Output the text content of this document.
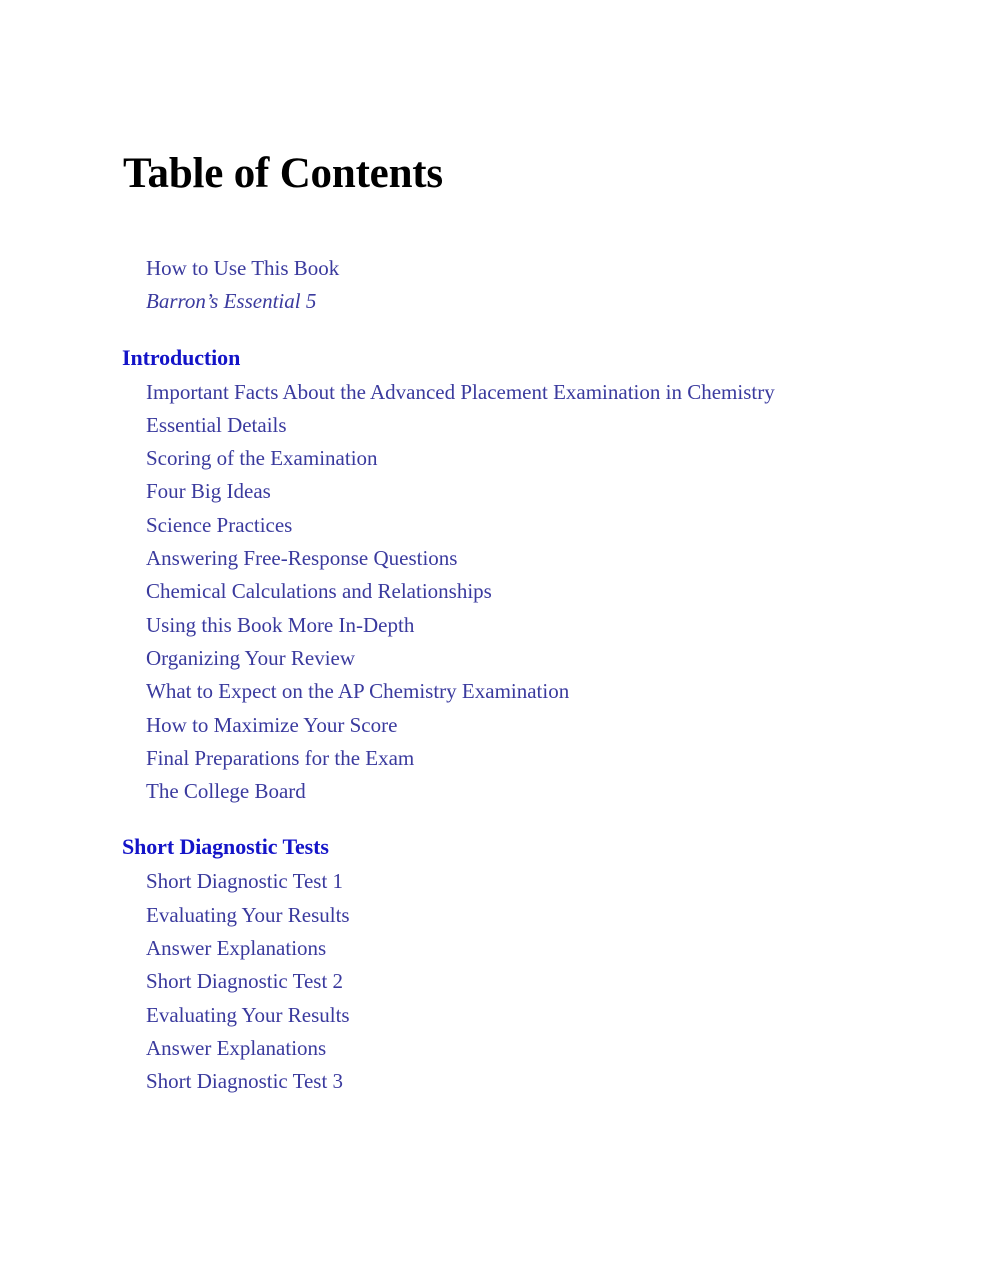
Table of Contents
How to Use This Book
Barron’s Essential 5
Introduction
Important Facts About the Advanced Placement Examination in Chemistry
Essential Details
Scoring of the Examination
Four Big Ideas
Science Practices
Answering Free-Response Questions
Chemical Calculations and Relationships
Using this Book More In-Depth
Organizing Your Review
What to Expect on the AP Chemistry Examination
How to Maximize Your Score
Final Preparations for the Exam
The College Board
Short Diagnostic Tests
Short Diagnostic Test 1
Evaluating Your Results
Answer Explanations
Short Diagnostic Test 2
Evaluating Your Results
Answer Explanations
Short Diagnostic Test 3
